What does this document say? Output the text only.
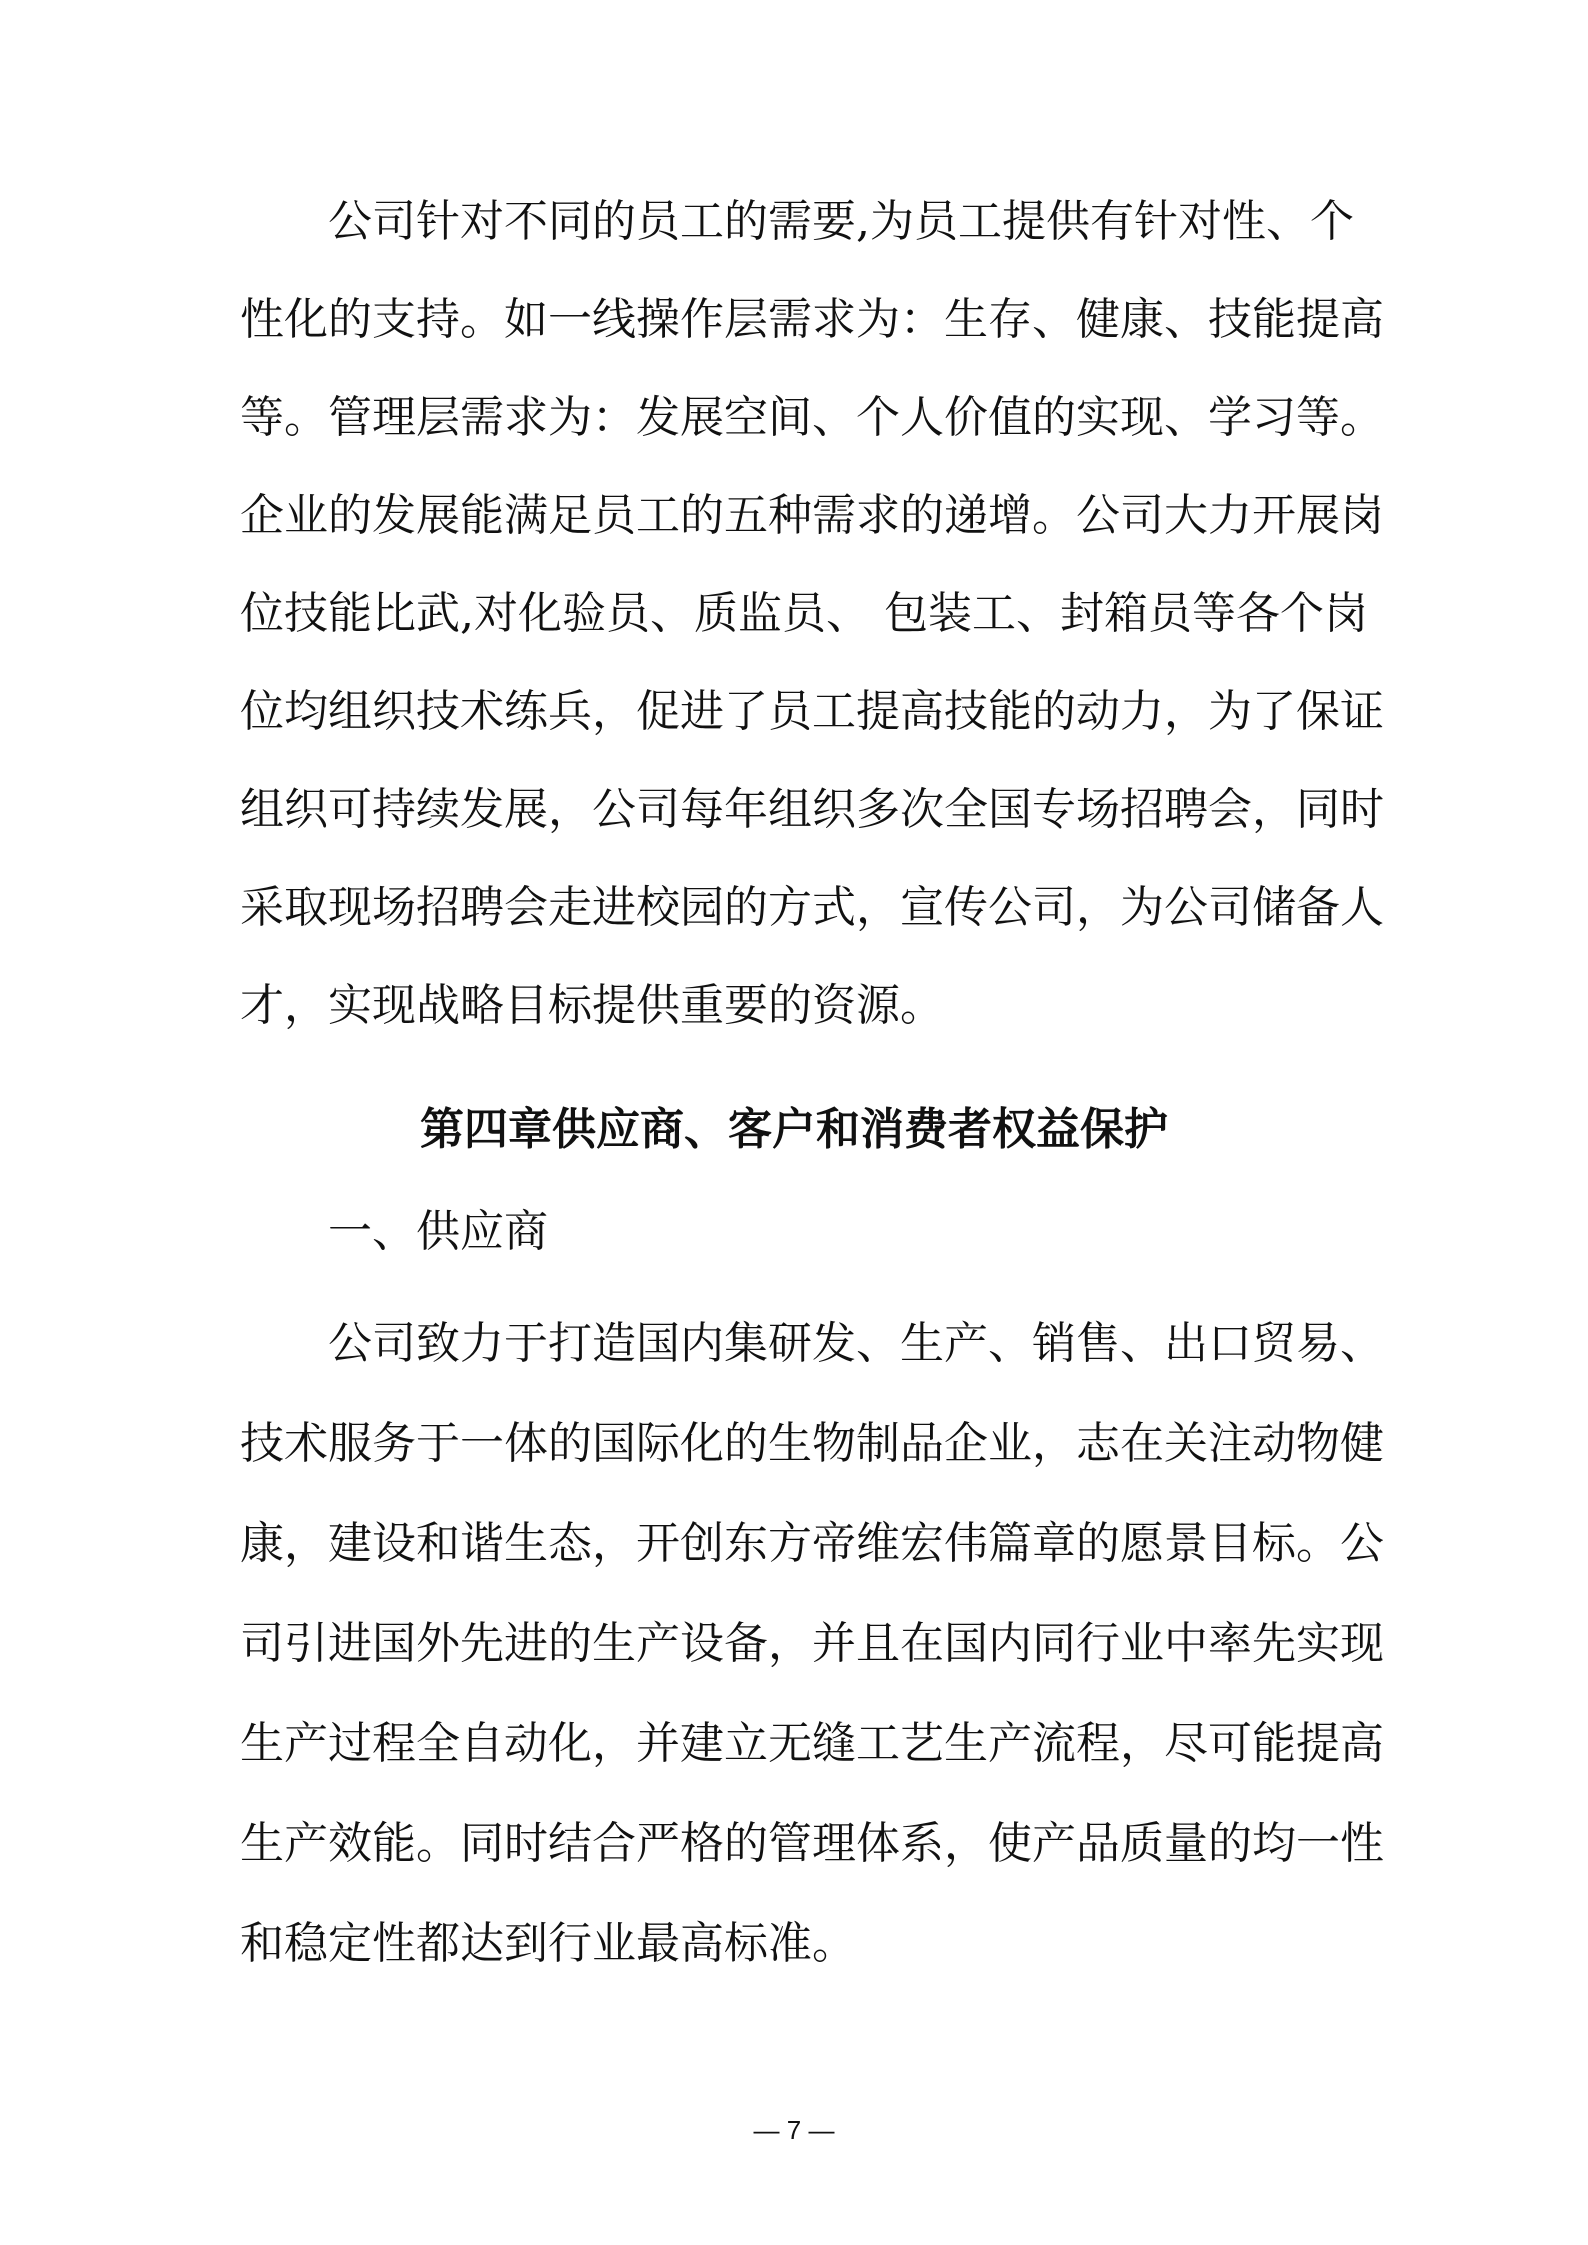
公司针对不同的员工的需要,为员工提供有针对性、个
性化的支持。如一线操作层需求为：生存、健康、技能提高
等。管理层需求为：发展空间、个人价值的实现、学习等。
企业的发展能满足员工的五种需求的递增。公司大力开展岗
位技能比武,对化验员、质监员、 包装工、封箱员等各个岗
位均组织技术练兵，促进了员工提高技能的动力，为了保证
组织可持续发展，公司每年组织多次全国专场招聘会，同时
采取现场招聘会走进校园的方式，宣传公司，为公司储备人
才，实现战略目标提供重要的资源。
第四章供应商、客户和消费者权益保护
一、供应商
公司致力于打造国内集研发、生产、销售、出口贸易、
技术服务于一体的国际化的生物制品企业，志在关注动物健
康，建设和谐生态，开创东方帝维宏伟篇章的愿景目标。公
司引进国外先进的生产设备，并且在国内同行业中率先实现
生产过程全自动化，并建立无缝工艺生产流程，尽可能提高
生产效能。同时结合严格的管理体系，使产品质量的均一性
和稳定性都达到行业最高标准。
— 7 —
